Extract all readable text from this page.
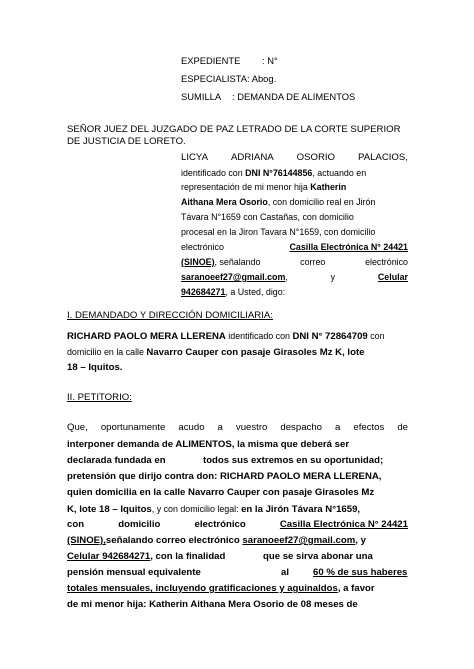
EXPEDIENTE : N°
ESPECIALISTA: Abog.
SUMILLA : DEMANDA DE ALIMENTOS
SEÑOR JUEZ DEL JUZGADO DE PAZ LETRADO DE LA CORTE SUPERIOR
DE JUSTICIA DE LORETO.
LICYA ADRIANA OSORIO PALACIOS,
identificado con DNI N°76144856, actuando en
representación de mi menor hija Katherin
Aithana Mera Osorio, con domicilio real en Jirón
Távara N°1659 con Castañas, con domicilio
procesal en la Jiron Tavara N°1659, con domicilio
electrónico	Casilla Electrónica N° 24421
(SINOE), señalando	correo	electrónico
saranoeef27@gmail.com,	y	Celular
942684271, a Usted, digo:
I. DEMANDADO Y DIRECCIÓN DOMICILIARIA:
RICHARD PAOLO MERA LLERENA identificado con DNI N° 72864709 con
domicilio en la calle Navarro Cauper con pasaje Girasoles Mz K, lote
18 – Iquitos.
II. PETITORIO:
Que, oportunamente acudo a vuestro despacho a efectos de
interponer demanda de ALIMENTOS, la misma que deberá ser
declarada fundada en	todos sus extremos en su oportunidad;
pretensión que dirijo contra don: RICHARD PAOLO MERA LLERENA,
quien domicilia en la calle Navarro Cauper con pasaje Girasoles Mz
K, lote 18 – Iquitos, y con domicilio legal: en la Jirón Távara N°1659,
con	domicilio	electrónico	Casilla Electrónica N° 24421
(SINOE),señalando correo electrónico saranoeef27@gmail.com, y
Celular 942684271, con la finalidad	que se sirva abonar una
pensión mensual equivalente	al 60 % de sus haberes
totales mensuales, incluyendo gratificaciones y aguinaldos, a favor
de mi menor hija: Katherin Aithana Mera Osorio de 08 meses de
